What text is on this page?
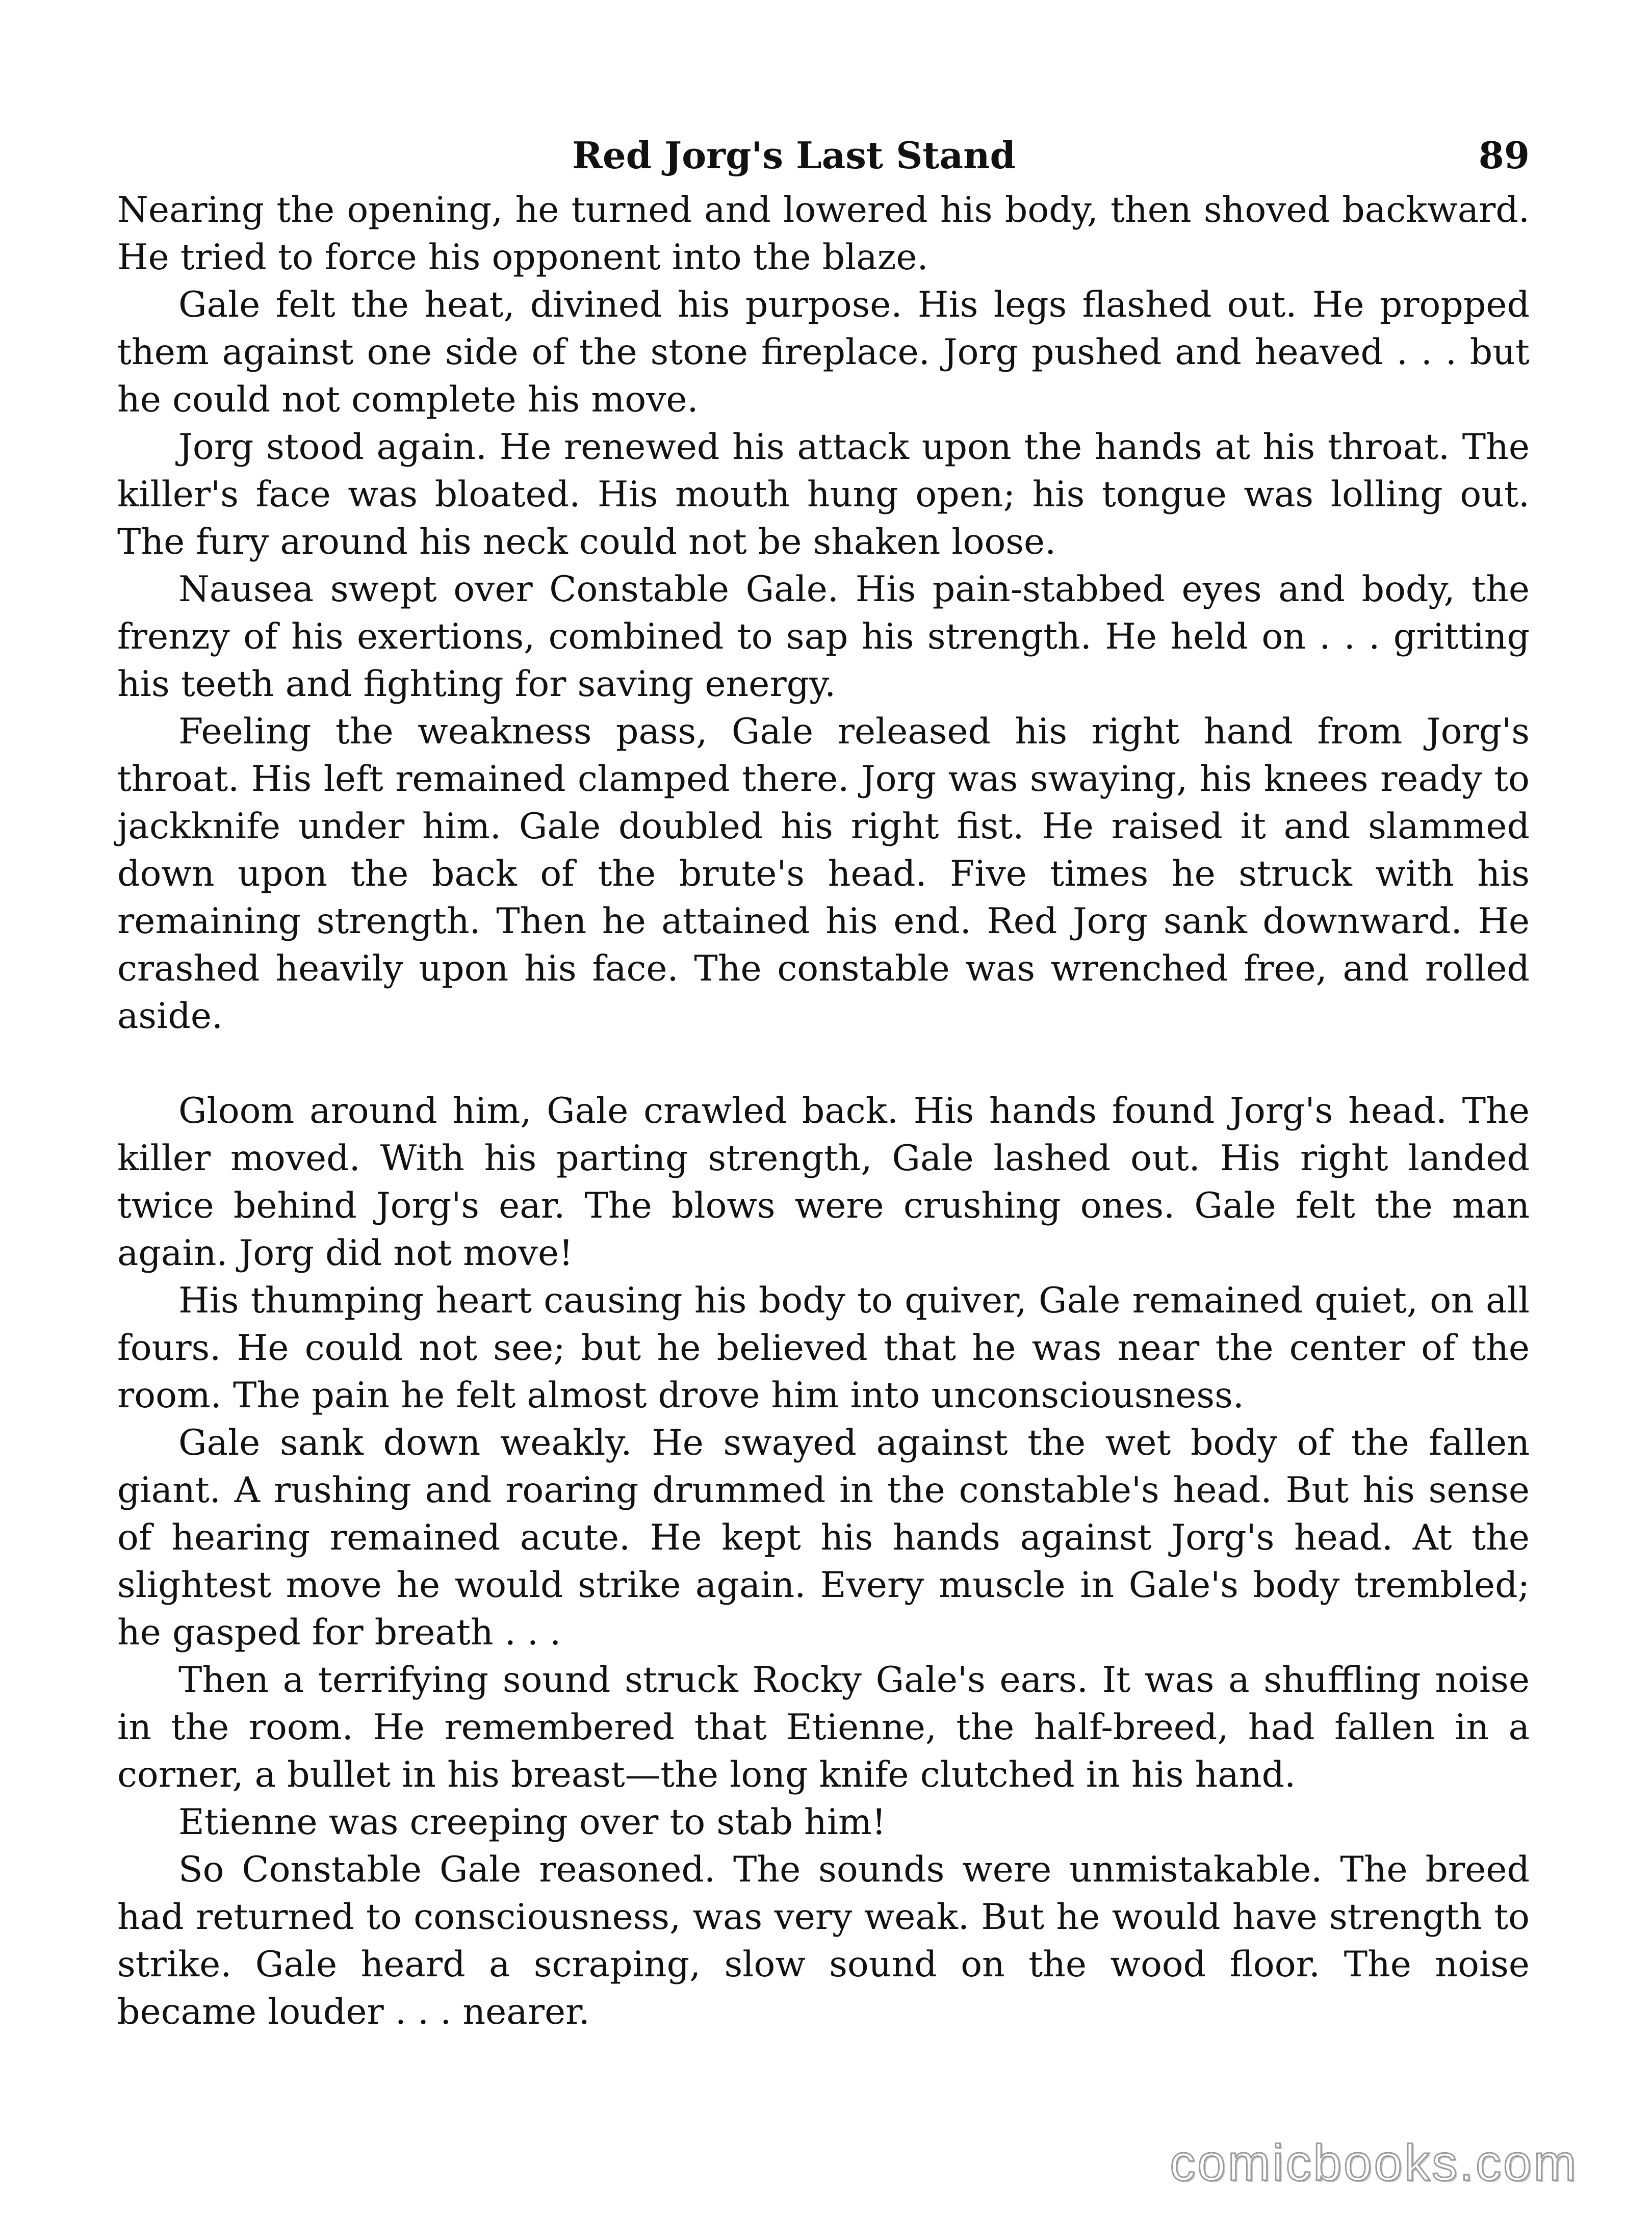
Red Jorg's Last Stand	89

Nearing the opening, he turned and lowered his body, then shoved backward. He tried to force his opponent into the blaze.

Gale felt the heat, divined his purpose. His legs flashed out. He propped them against one side of the stone fireplace. Jorg pushed and heaved . . . but he could not complete his move.

Jorg stood again. He renewed his attack upon the hands at his throat. The killer's face was bloated. His mouth hung open; his tongue was lolling out. The fury around his neck could not be shaken loose.

Nausea swept over Constable Gale. His pain-stabbed eyes and body, the frenzy of his exertions, combined to sap his strength. He held on . . . gritting his teeth and fighting for saving energy.

Feeling the weakness pass, Gale released his right hand from Jorg's throat. His left remained clamped there. Jorg was swaying, his knees ready to jackknife under him. Gale doubled his right fist. He raised it and slammed down upon the back of the brute's head. Five times he struck with his remaining strength. Then he attained his end. Red Jorg sank downward. He crashed heavily upon his face. The constable was wrenched free, and rolled aside.

Gloom around him, Gale crawled back. His hands found Jorg's head. The killer moved. With his parting strength, Gale lashed out. His right landed twice behind Jorg's ear. The blows were crushing ones. Gale felt the man again. Jorg did not move!

His thumping heart causing his body to quiver, Gale remained quiet, on all fours. He could not see; but he believed that he was near the center of the room. The pain he felt almost drove him into unconsciousness.

Gale sank down weakly. He swayed against the wet body of the fallen giant. A rushing and roaring drummed in the constable's head. But his sense of hearing remained acute. He kept his hands against Jorg's head. At the slightest move he would strike again. Every muscle in Gale's body trembled; he gasped for breath . . .

Then a terrifying sound struck Rocky Gale's ears. It was a shuffling noise in the room. He remembered that Etienne, the half-breed, had fallen in a corner, a bullet in his breast—the long knife clutched in his hand.

Etienne was creeping over to stab him!

So Constable Gale reasoned. The sounds were unmistakable. The breed had returned to consciousness, was very weak. But he would have strength to strike. Gale heard a scraping, slow sound on the wood floor. The noise became louder . . . nearer.

comicbooks.com
